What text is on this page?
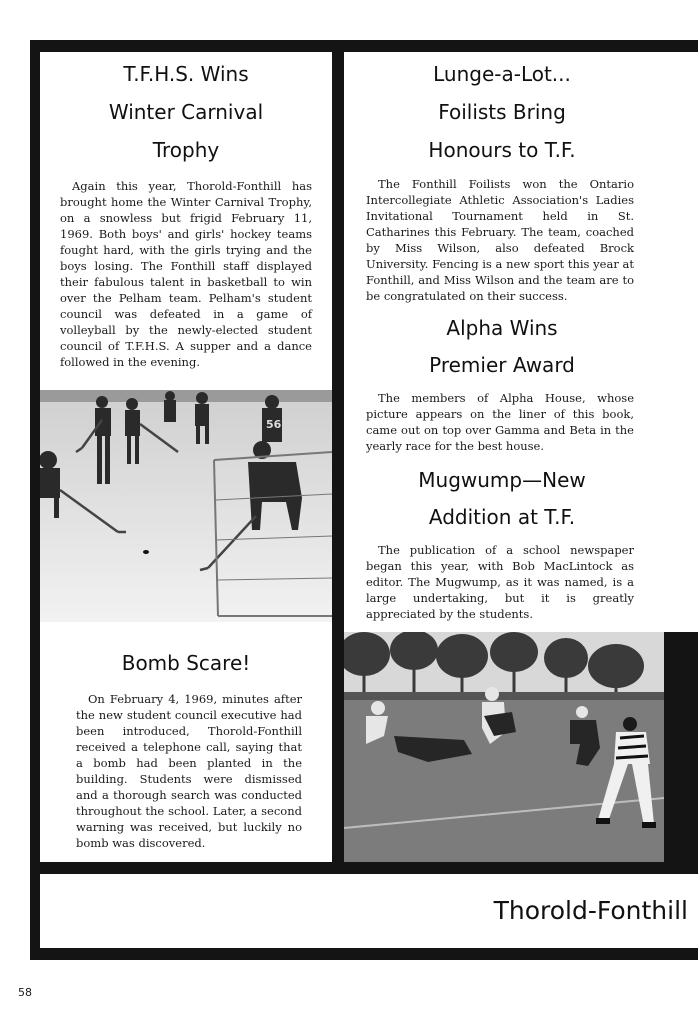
T.F.H.S. Wins
Winter Carnival
Trophy

Again this year, Thorold-Fonthill has brought home the Winter Carnival Trophy, on a snowless but frigid February 11, 1969. Both boys' and girls' hockey teams fought hard, with the girls trying and the boys losing. The Fonthill staff displayed their fabulous talent in basketball to win over the Pelham team. Pelham's student council was defeated in a game of volleyball by the newly-elected student council of T.F.H.S. A supper and a dance followed in the evening.

56
Bomb Scare!

On February 4, 1969, minutes after the new student council executive had been introduced, Thorold-Fonthill received a telephone call, saying that a bomb had been planted in the building. Students were dismissed and a thorough search was conducted throughout the school. Later, a second warning was received, but luckily no bomb was discovered.

Lunge-a-Lot...
Foilists Bring
Honours to T.F.

The Fonthill Foilists won the Ontario Intercollegiate Athletic Association's Ladies Invitational Tournament held in St. Catharines this February. The team, coached by Miss Wilson, also defeated Brock University. Fencing is a new sport this year at Fonthill, and Miss Wilson and the team are to be congratulated on their success.

Alpha Wins
Premier Award

The members of Alpha House, whose picture appears on the liner of this book, came out on top over Gamma and Beta in the yearly race for the best house.

Mugwump—New
Addition at T.F.

The publication of a school newspaper began this year, with Bob MacLintock as editor. The Mugwump, as it was named, is a large undertaking, but it is greatly appreciated by the students.

Thorold-Fonthill
58
